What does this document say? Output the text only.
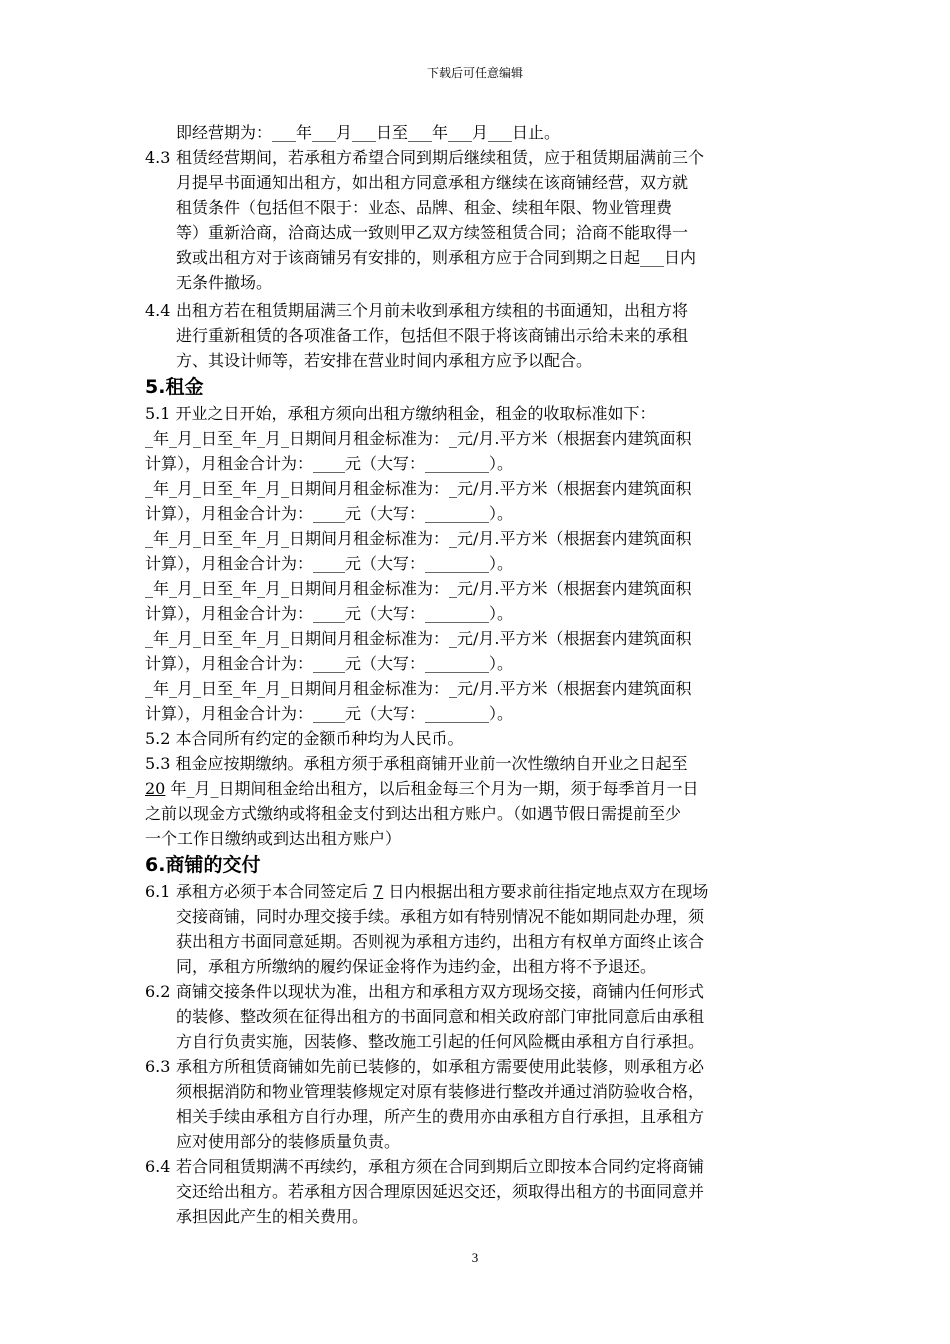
下载后可任意编辑
即经营期为：___年___月___日至___年___月___日止。
4.3 租赁经营期间，若承租方希望合同到期后继续租赁，应于租赁期届满前三个
月提早书面通知出租方，如出租方同意承租方继续在该商铺经营，双方就
租赁条件（包括但不限于：业态、品牌、租金、续租年限、物业管理费
等）重新洽商，洽商达成一致则甲乙双方续签租赁合同；洽商不能取得一
致或出租方对于该商铺另有安排的，则承租方应于合同到期之日起___日内
无条件撤场。
4.4 出租方若在租赁期届满三个月前未收到承租方续租的书面通知，出租方将
进行重新租赁的各项准备工作，包括但不限于将该商铺出示给未来的承租
方、其设计师等，若安排在营业时间内承租方应予以配合。
5.租金
5.1 开业之日开始，承租方须向出租方缴纳租金，租金的收取标准如下：
_年_月_日至_年_月_日期间月租金标准为：_元/月.平方米（根据套内建筑面积
计算），月租金合计为：____元（大写：________）。
_年_月_日至_年_月_日期间月租金标准为：_元/月.平方米（根据套内建筑面积
计算），月租金合计为：____元（大写：________）。
_年_月_日至_年_月_日期间月租金标准为：_元/月.平方米（根据套内建筑面积
计算），月租金合计为：____元（大写：________）。
_年_月_日至_年_月_日期间月租金标准为：_元/月.平方米（根据套内建筑面积
计算），月租金合计为：____元（大写：________）。
_年_月_日至_年_月_日期间月租金标准为：_元/月.平方米（根据套内建筑面积
计算），月租金合计为：____元（大写：________）。
_年_月_日至_年_月_日期间月租金标准为：_元/月.平方米（根据套内建筑面积
计算），月租金合计为：____元（大写：________）。
5.2 本合同所有约定的金额币种均为人民币。
5.3 租金应按期缴纳。承租方须于承租商铺开业前一次性缴纳自开业之日起至
20 年_月_日期间租金给出租方，以后租金每三个月为一期，须于每季首月一日
之前以现金方式缴纳或将租金支付到达出租方账户。（如遇节假日需提前至少
一个工作日缴纳或到达出租方账户）
6.商铺的交付
6.1 承租方必须于本合同签定后 7 日内根据出租方要求前往指定地点双方在现场
交接商铺，同时办理交接手续。承租方如有特别情况不能如期同赴办理，须
获出租方书面同意延期。否则视为承租方违约，出租方有权单方面终止该合
同，承租方所缴纳的履约保证金将作为违约金，出租方将不予退还。
6.2 商铺交接条件以现状为准，出租方和承租方双方现场交接，商铺内任何形式
的装修、整改须在征得出租方的书面同意和相关政府部门审批同意后由承租
方自行负责实施，因装修、整改施工引起的任何风险概由承租方自行承担。
6.3 承租方所租赁商铺如先前已装修的，如承租方需要使用此装修，则承租方必
须根据消防和物业管理装修规定对原有装修进行整改并通过消防验收合格，
相关手续由承租方自行办理，所产生的费用亦由承租方自行承担，且承租方
应对使用部分的装修质量负责。
6.4 若合同租赁期满不再续约，承租方须在合同到期后立即按本合同约定将商铺
交还给出租方。若承租方因合理原因延迟交还，须取得出租方的书面同意并
承担因此产生的相关费用。
3
